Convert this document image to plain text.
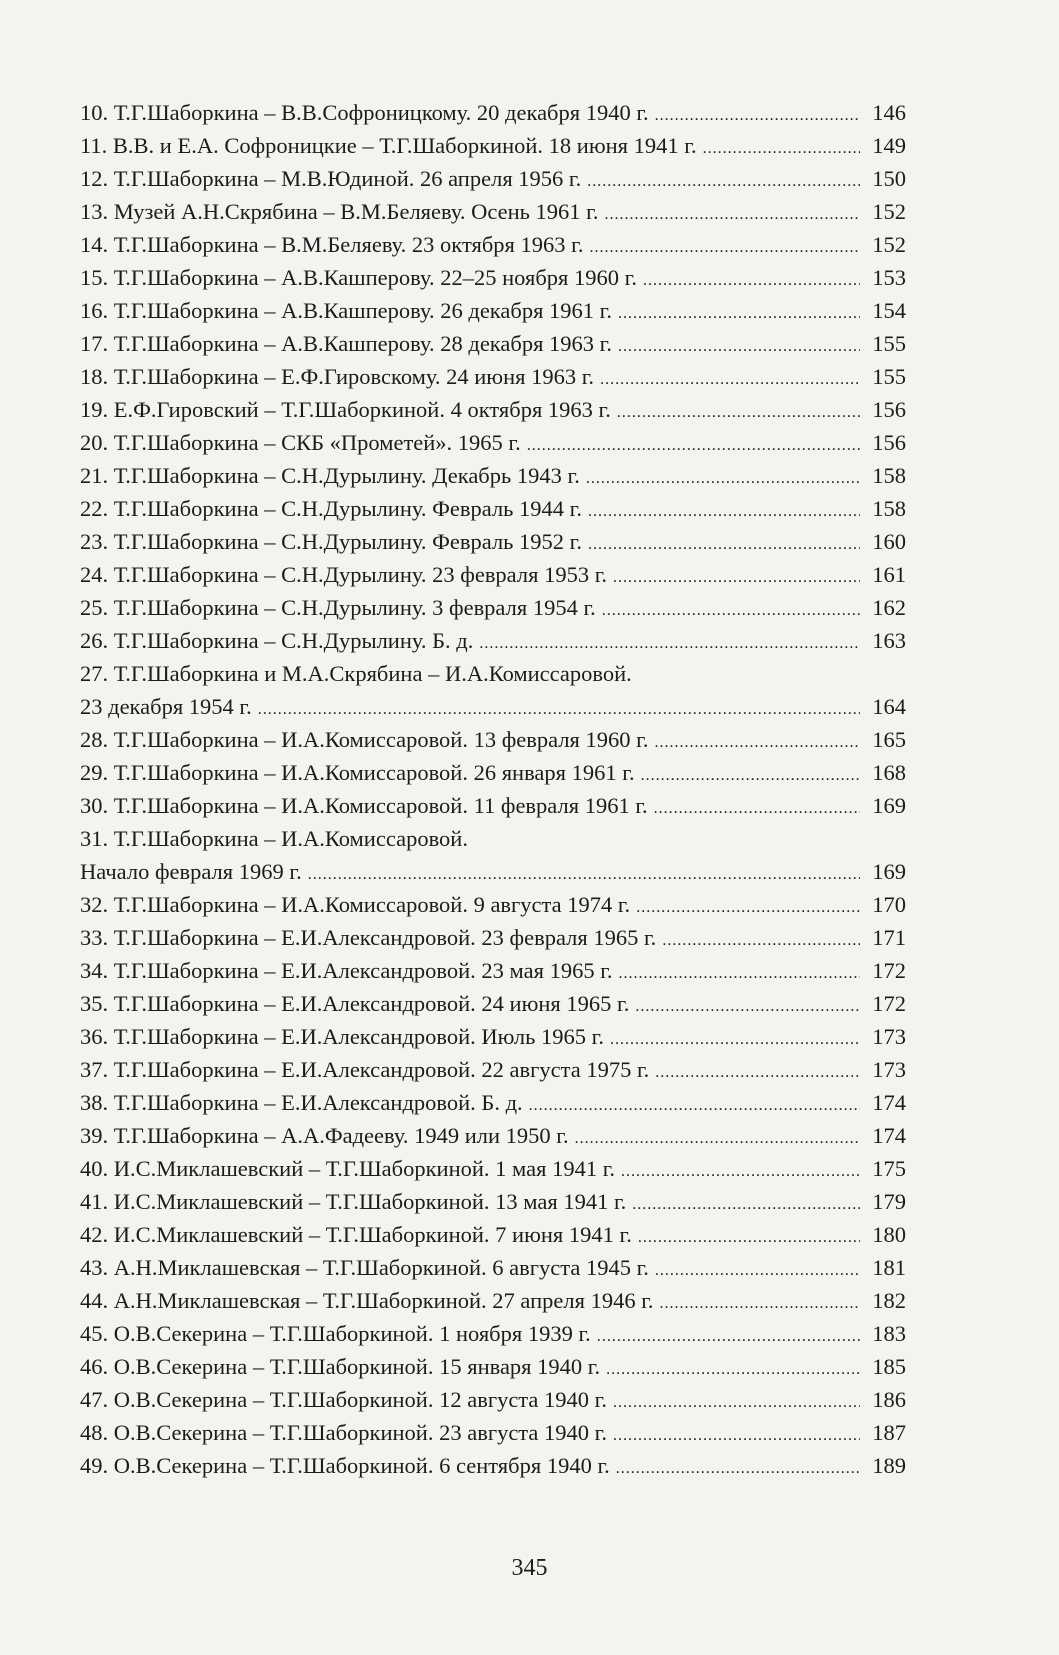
10. Т.Г.Шаборкина – В.В.Софроницкому. 20 декабря 1940 г. .....	146
11. В.В. и Е.А. Софроницкие – Т.Г.Шаборкиной. 18 июня 1941 г. .....	149
12. Т.Г.Шаборкина – М.В.Юдиной. 26 апреля 1956 г. .....	150
13. Музей А.Н.Скрябина – В.М.Беляеву. Осень 1961 г. .....	152
14. Т.Г.Шаборкина – В.М.Беляеву. 23 октября 1963 г. .....	152
15. Т.Г.Шаборкина – А.В.Кашперову. 22–25 ноября 1960 г. .....	153
16. Т.Г.Шаборкина – А.В.Кашперову. 26 декабря 1961 г. .....	154
17. Т.Г.Шаборкина – А.В.Кашперову. 28 декабря 1963 г. .....	155
18. Т.Г.Шаборкина – Е.Ф.Гировскому. 24 июня 1963 г. .....	155
19. Е.Ф.Гировский – Т.Г.Шаборкиной. 4 октября 1963 г. .....	156
20. Т.Г.Шаборкина – СКБ «Прометей». 1965 г. .....	156
21. Т.Г.Шаборкина – С.Н.Дурылину. Декабрь 1943 г. .....	158
22. Т.Г.Шаборкина – С.Н.Дурылину. Февраль 1944 г. .....	158
23. Т.Г.Шаборкина – С.Н.Дурылину. Февраль 1952 г. .....	160
24. Т.Г.Шаборкина – С.Н.Дурылину. 23 февраля 1953 г. .....	161
25. Т.Г.Шаборкина – С.Н.Дурылину. 3 февраля 1954 г. .....	162
26. Т.Г.Шаборкина – С.Н.Дурылину. Б. д. .....	163
27. Т.Г.Шаборкина и М.А.Скрябина – И.А.Комиссаровой.
23 декабря 1954 г. .....	164
28. Т.Г.Шаборкина – И.А.Комиссаровой. 13 февраля 1960 г. .....	165
29. Т.Г.Шаборкина – И.А.Комиссаровой. 26 января 1961 г. .....	168
30. Т.Г.Шаборкина – И.А.Комиссаровой. 11 февраля 1961 г. .....	169
31. Т.Г.Шаборкина – И.А.Комиссаровой.
Начало февраля 1969 г. .....	169
32. Т.Г.Шаборкина – И.А.Комиссаровой. 9 августа 1974 г. .....	170
33. Т.Г.Шаборкина – Е.И.Александровой. 23 февраля 1965 г. .....	171
34. Т.Г.Шаборкина – Е.И.Александровой. 23 мая 1965 г. .....	172
35. Т.Г.Шаборкина – Е.И.Александровой. 24 июня 1965 г. .....	172
36. Т.Г.Шаборкина – Е.И.Александровой. Июль 1965 г. .....	173
37. Т.Г.Шаборкина – Е.И.Александровой. 22 августа 1975 г. .....	173
38. Т.Г.Шаборкина – Е.И.Александровой. Б. д. .....	174
39. Т.Г.Шаборкина – А.А.Фадееву. 1949 или 1950 г. .....	174
40. И.С.Миклашевский – Т.Г.Шаборкиной. 1 мая 1941 г. .....	175
41. И.С.Миклашевский – Т.Г.Шаборкиной. 13 мая 1941 г. .....	179
42. И.С.Миклашевский – Т.Г.Шаборкиной. 7 июня 1941 г. .....	180
43. А.Н.Миклашевская – Т.Г.Шаборкиной. 6 августа 1945 г. .....	181
44. А.Н.Миклашевская – Т.Г.Шаборкиной. 27 апреля 1946 г. .....	182
45. О.В.Секерина – Т.Г.Шаборкиной. 1 ноября 1939 г. .....	183
46. О.В.Секерина – Т.Г.Шаборкиной. 15 января 1940 г. .....	185
47. О.В.Секерина – Т.Г.Шаборкиной. 12 августа 1940 г. .....	186
48. О.В.Секерина – Т.Г.Шаборкиной. 23 августа 1940 г. .....	187
49. О.В.Секерина – Т.Г.Шаборкиной. 6 сентября 1940 г. .....	189
345
